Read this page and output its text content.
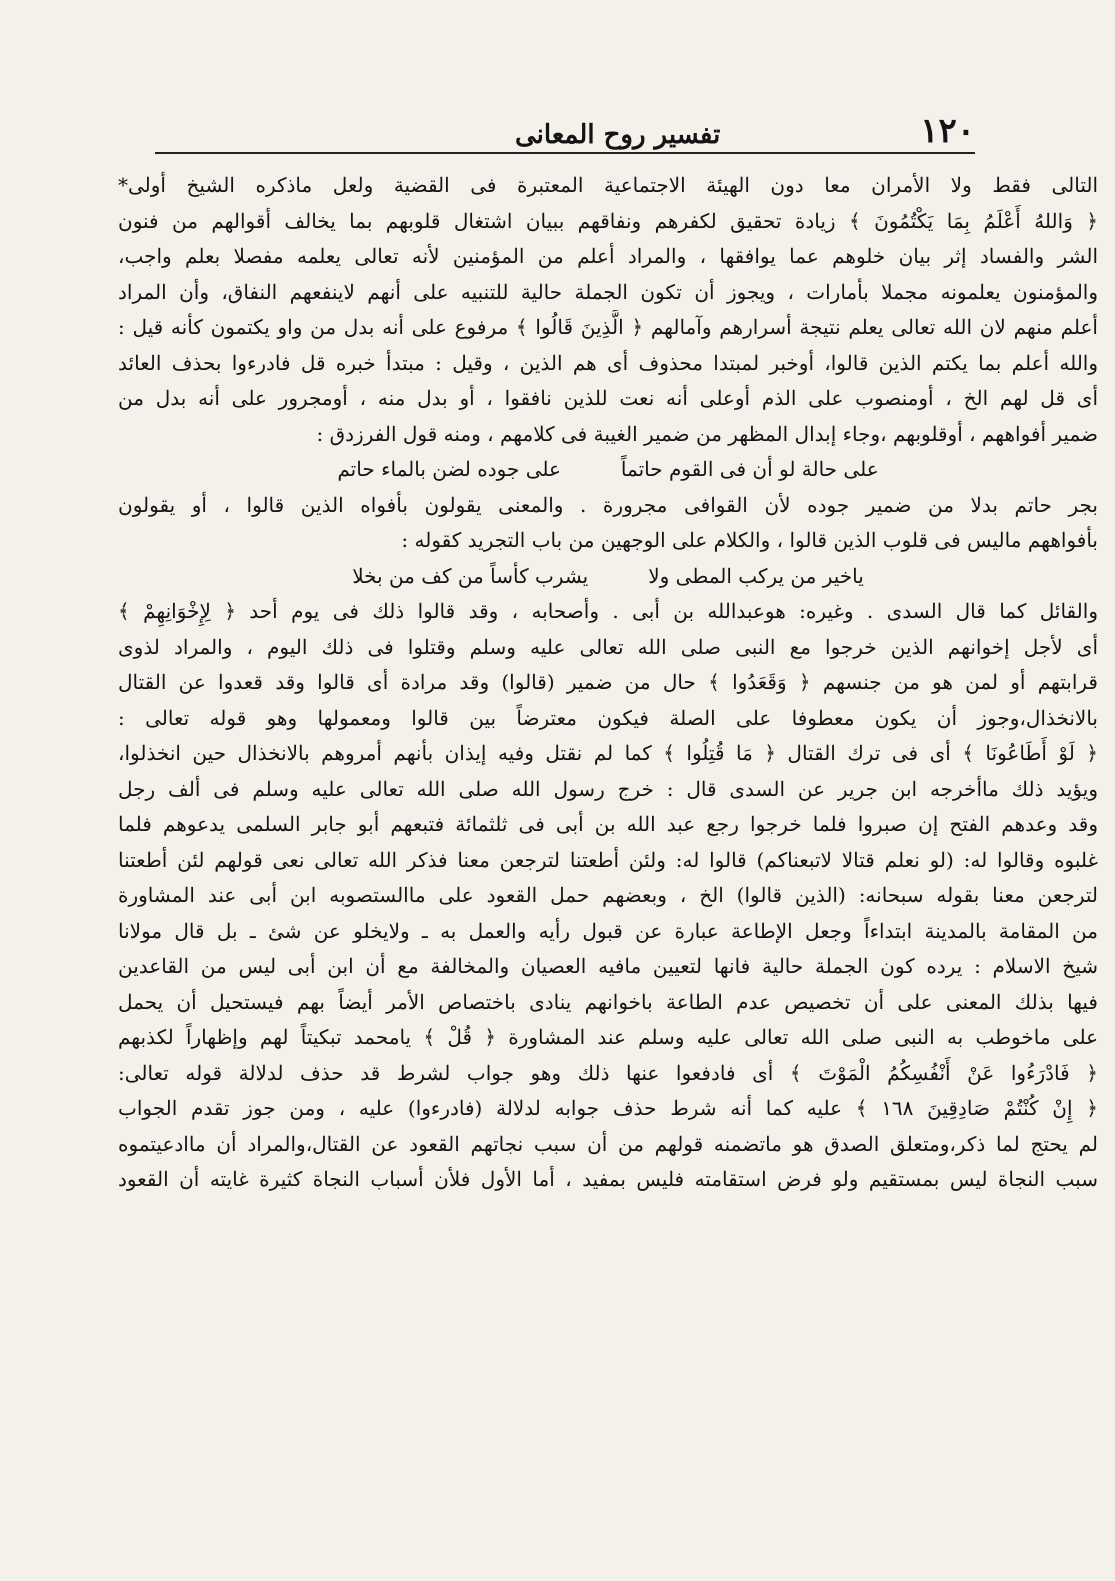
١٢٠
تفسير روح المعانى
التالى فقط ولا الأمران معا دون الهيئة الاجتماعية المعتبرة فى القضية ولعل ماذكره الشيخ أولى*
﴿ وَاللهُ أَعْلَمُ بِمَا يَكْتُمُونَ ﴾ زيادة تحقيق لكفرهم ونفاقهم ببيان اشتغال قلوبهم بما يخالف أقوالهم من فنون
الشر والفساد إثر بيان خلوهم عما يوافقها ، والمراد أعلم من المؤمنين لأنه تعالى يعلمه مفصلا بعلم واجب،
والمؤمنون يعلمونه مجملا بأمارات ، ويجوز أن تكون الجملة حالية للتنبيه على أنهم لاينفعهم النفاق، وأن المراد
أعلم منهم لان الله تعالى يعلم نتيجة أسرارهم وآمالهم ﴿ الَّذِينَ قَالُوا ﴾ مرفوع على أنه بدل من واو يكتمون كأنه قيل :
والله أعلم بما يكتم الذين قالوا، أوخبر لمبتدا محذوف أى هم الذين ، وقيل : مبتدأ خبره قل فادرءوا بحذف العائد
أى قل لهم الخ ، أومنصوب على الذم أوعلى أنه نعت للذين نافقوا ، أو بدل منه ، أومجرور على أنه بدل من
ضمير أفواههم ، أوقلوبهم ،وجاء إبدال المظهر من ضمير الغيبة فى كلامهم ، ومنه قول الفرزدق :
على حالة لو أن فى القوم حاتماً
على جوده لضن بالماء حاتم
بجر حاتم بدلا من ضمير جوده لأن القوافى مجرورة . والمعنى يقولون بأفواه الذين قالوا ، أو يقولون
بأفواههم ماليس فى قلوب الذين قالوا ، والكلام على الوجهين من باب التجريد كقوله :
ياخير من يركب المطى ولا
يشرب كأساً من كف من بخلا
والقائل كما قال السدى . وغيره: هوعبدالله بن أبى . وأصحابه ، وقد قالوا ذلك فى يوم أحد ﴿ لِإِخْوَانِهِمْ ﴾
أى لأجل إخوانهم الذين خرجوا مع النبى صلى الله تعالى عليه وسلم وقتلوا فى ذلك اليوم ، والمراد لذوى
قرابتهم أو لمن هو من جنسهم ﴿ وَقَعَدُوا ﴾ حال من ضمير (قالوا) وقد مرادة أى قالوا وقد قعدوا عن القتال
بالانخذال،وجوز أن يكون معطوفا على الصلة فيكون معترضاً بين قالوا ومعمولها وهو قوله تعالى :
﴿ لَوْ أَطَاعُونَا ﴾ أى فى ترك القتال ﴿ مَا قُتِلُوا ﴾ كما لم نقتل وفيه إيذان بأنهم أمروهم بالانخذال حين انخذلوا،
ويؤيد ذلك ماأخرجه ابن جرير عن السدى قال : خرج رسول الله صلى الله تعالى عليه وسلم فى ألف رجل
وقد وعدهم الفتح إن صبروا فلما خرجوا رجع عبد الله بن أبى فى ثلثمائة فتبعهم أبو جابر السلمى يدعوهم فلما
غلبوه وقالوا له: (لو نعلم قتالا لاتبعناكم) قالوا له: ولئن أطعتنا لترجعن معنا فذكر الله تعالى نعى قولهم لئن أطعتنا
لترجعن معنا بقوله سبحانه: (الذين قالوا) الخ ، وبعضهم حمل القعود على ماالستصوبه ابن أبى عند المشاورة
من المقامة بالمدينة ابتداءاً وجعل الإطاعة عبارة عن قبول رأيه والعمل به ـ ولايخلو عن شئ ـ بل قال مولانا
شيخ الاسلام : يرده كون الجملة حالية فانها لتعيين مافيه العصيان والمخالفة مع أن ابن أبى ليس من القاعدين
فيها بذلك المعنى على أن تخصيص عدم الطاعة باخوانهم ينادى باختصاص الأمر أيضاً بهم فيستحيل أن يحمل
على ماخوطب به النبى صلى الله تعالى عليه وسلم عند المشاورة ﴿ قُلْ ﴾ يامحمد تبكيتاً لهم وإظهاراً لكذبهم
﴿ فَادْرَءُوا عَنْ أَنْفُسِكُمُ الْمَوْتَ ﴾ أى فادفعوا عنها ذلك وهو جواب لشرط قد حذف لدلالة قوله تعالى:
﴿ إِنْ كُنْتُمْ صَادِقِينَ ١٦٨ ﴾ عليه كما أنه شرط حذف جوابه لدلالة (فادرءوا) عليه ، ومن جوز تقدم الجواب
لم يحتج لما ذكر،ومتعلق الصدق هو ماتضمنه قولهم من أن سبب نجاتهم القعود عن القتال،والمراد أن ماادعيتموه
سبب النجاة ليس بمستقيم ولو فرض استقامته فليس بمفيد ، أما الأول فلأن أسباب النجاة كثيرة غايته أن القعود
